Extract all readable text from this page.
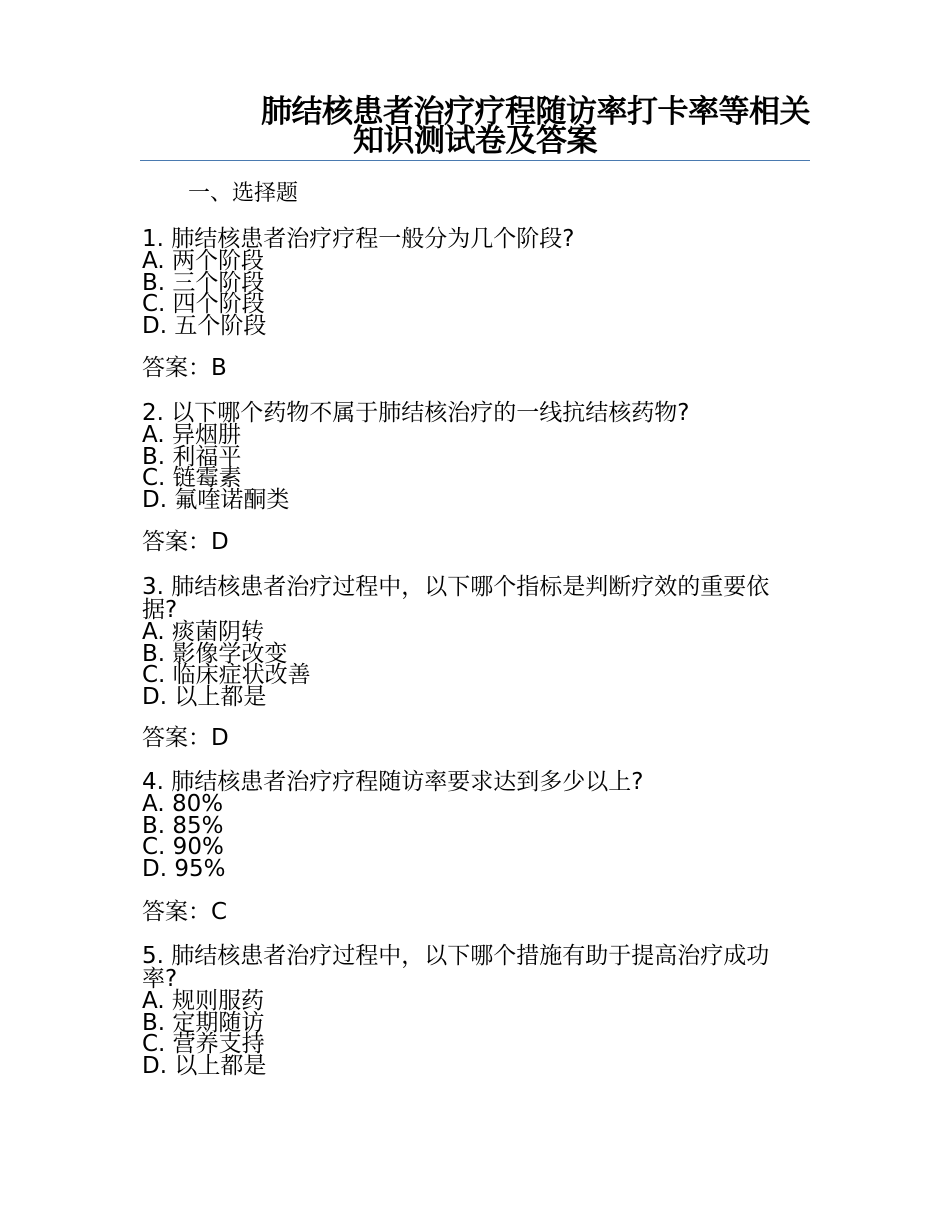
肺结核患者治疗疗程随访率打卡率等相关
知识测试卷及答案
一、选择题
1. 肺结核患者治疗疗程一般分为几个阶段?
A. 两个阶段
B. 三个阶段
C. 四个阶段
D. 五个阶段
答案：B
2. 以下哪个药物不属于肺结核治疗的一线抗结核药物?
A. 异烟肼
B. 利福平
C. 链霉素
D. 氟喹诺酮类
答案：D
3. 肺结核患者治疗过程中，以下哪个指标是判断疗效的重要依据?
A. 痰菌阴转
B. 影像学改变
C. 临床症状改善
D. 以上都是
答案：D
4. 肺结核患者治疗疗程随访率要求达到多少以上?
A. 80%
B. 85%
C. 90%
D. 95%
答案：C
5. 肺结核患者治疗过程中，以下哪个措施有助于提高治疗成功率?
A. 规则服药
B. 定期随访
C. 营养支持
D. 以上都是
